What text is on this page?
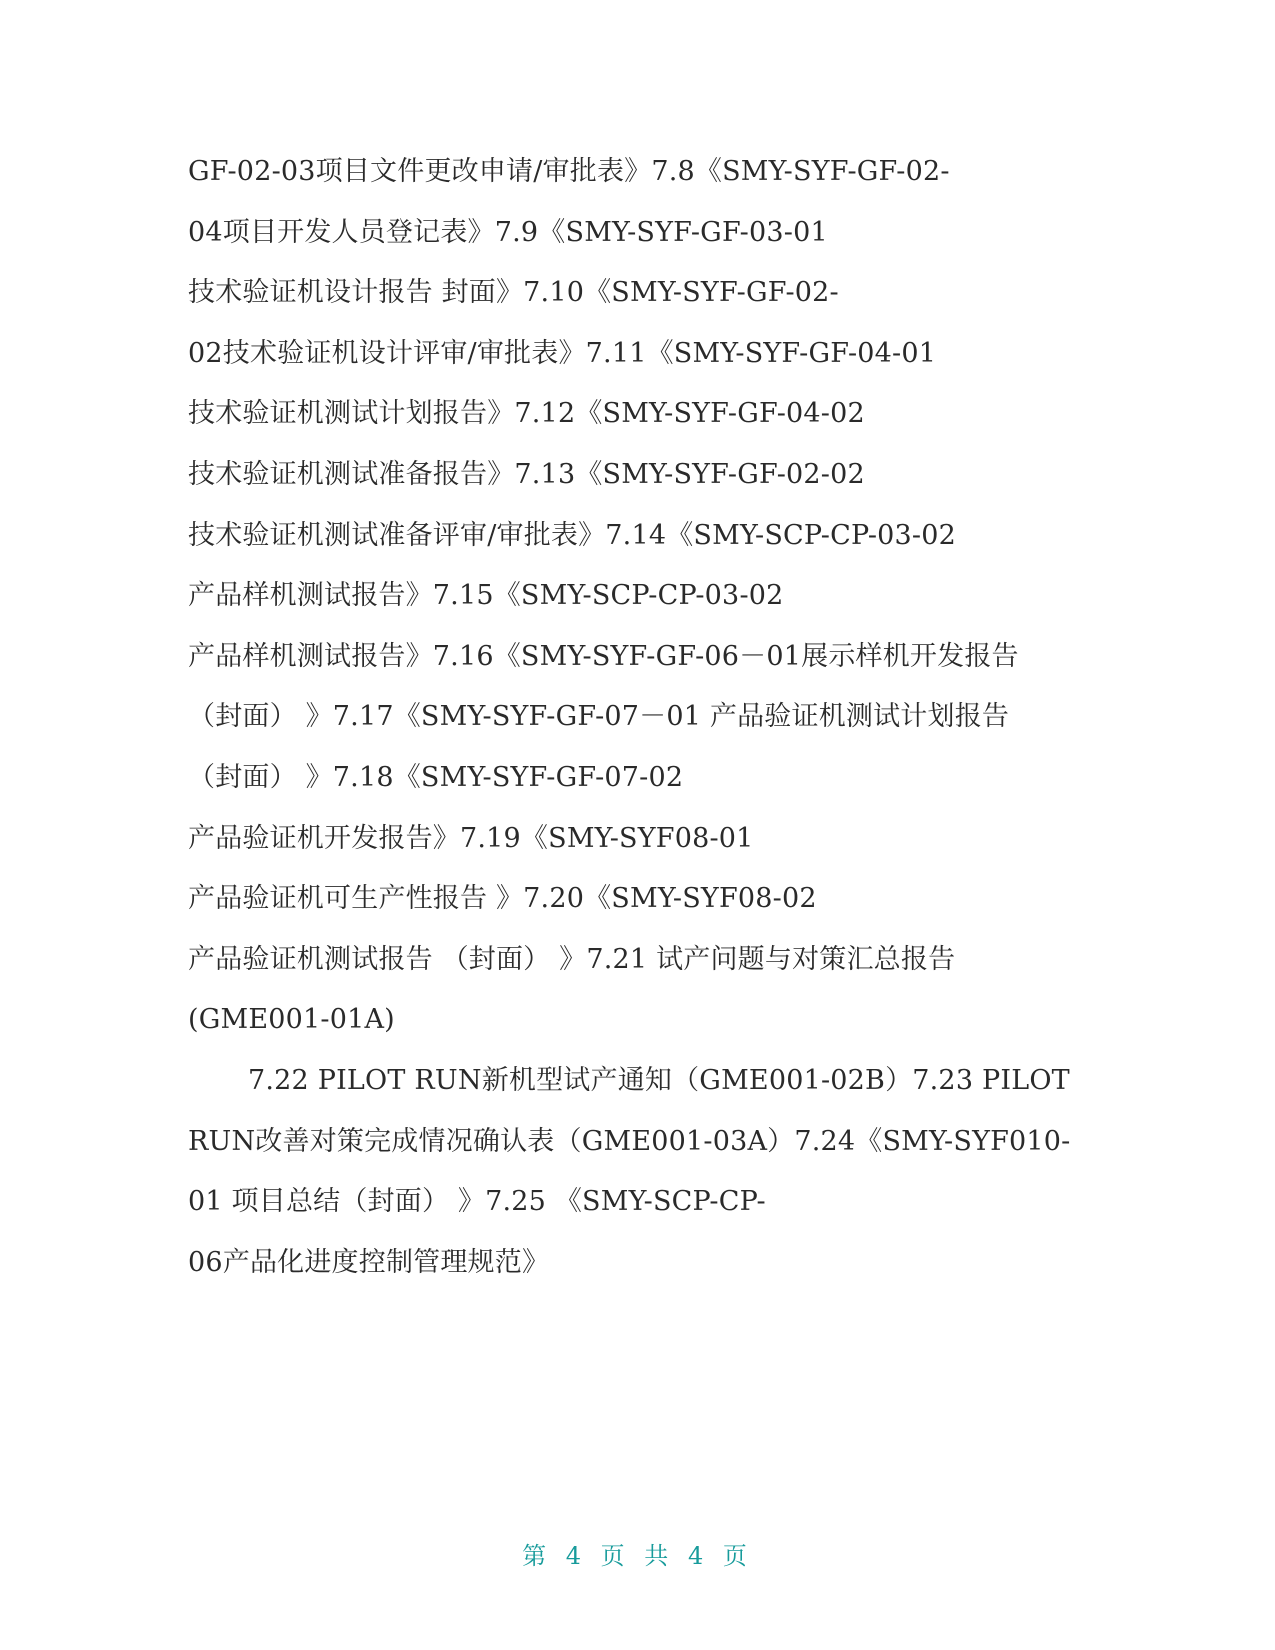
GF-02-03项目文件更改申请/审批表》7.8《SMY-SYF-GF-02-
04项目开发人员登记表》7.9《SMY-SYF-GF-03-01
技术验证机设计报告 封面》7.10《SMY-SYF-GF-02-
02技术验证机设计评审/审批表》7.11《SMY-SYF-GF-04-01
技术验证机测试计划报告》7.12《SMY-SYF-GF-04-02
技术验证机测试准备报告》7.13《SMY-SYF-GF-02-02
技术验证机测试准备评审/审批表》7.14《SMY-SCP-CP-03-02
产品样机测试报告》7.15《SMY-SCP-CP-03-02
产品样机测试报告》7.16《SMY-SYF-GF-06－01展示样机开发报告
（封面） 》7.17《SMY-SYF-GF-07－01 产品验证机测试计划报告
（封面） 》7.18《SMY-SYF-GF-07-02
产品验证机开发报告》7.19《SMY-SYF08-01
产品验证机可生产性报告 》7.20《SMY-SYF08-02
产品验证机测试报告 （封面） 》7.21 试产问题与对策汇总报告
(GME001-01A)
7.22 PILOT RUN新机型试产通知（GME001-02B）7.23 PILOT
RUN改善对策完成情况确认表（GME001-03A）7.24《SMY-SYF010-
01 项目总结（封面） 》7.25 《SMY-SCP-CP-
06产品化进度控制管理规范》
第 4 页 共 4 页
